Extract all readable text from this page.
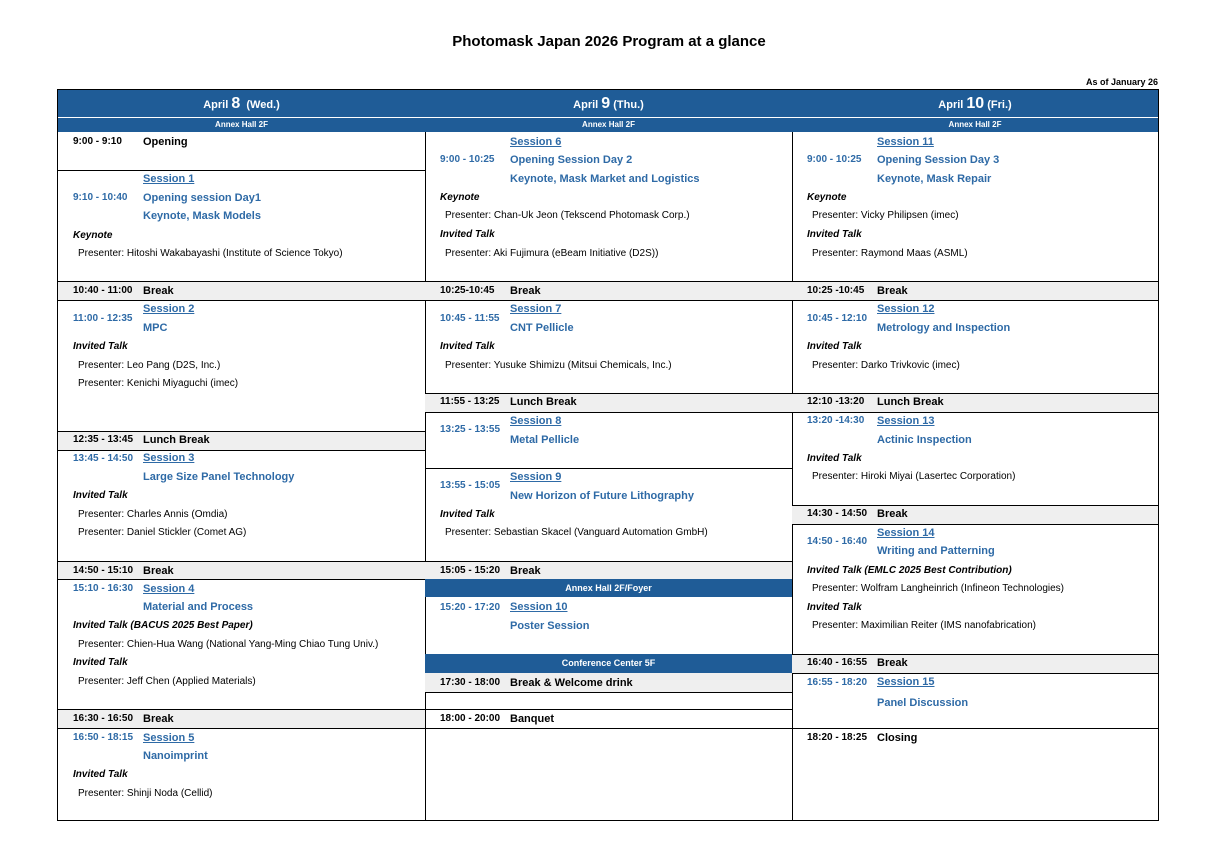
Photomask Japan 2026 Program at a glance
As of January 26
April 8 (Wed.)
Annex Hall 2F
9:00 - 9:10 Opening
Session 1
9:10 - 10:40 Opening session Day1
Keynote, Mask Models
Keynote
Presenter: Hitoshi Wakabayashi (Institute of Science Tokyo)
10:40 - 11:00 Break
Session 2
11:00 - 12:35
MPC
Invited Talk
Presenter: Leo Pang (D2S, Inc.)
Presenter: Kenichi Miyaguchi (imec)
12:35 - 13:45 Lunch Break
13:45 - 14:50 Session 3
Large Size Panel Technology
Invited Talk
Presenter: Charles Annis (Omdia)
Presenter: Daniel Stickler (Comet AG)
14:50 - 15:10 Break
15:10 - 16:30 Session 4
Material and Process
Invited Talk (BACUS 2025 Best Paper)
Presenter: Chien-Hua Wang (National Yang-Ming Chiao Tung Univ.)
Invited Talk
Presenter: Jeff Chen (Applied Materials)
16:30 - 16:50 Break
16:50 - 18:15 Session 5
Nanoimprint
Invited Talk
Presenter: Shinji Noda (Cellid)
April 9 (Thu.)
Annex Hall 2F
Session 6
9:00 - 10:25 Opening Session Day 2
Keynote, Mask Market and Logistics
Keynote
Presenter: Chan-Uk Jeon (Tekscend Photomask Corp.)
Invited Talk
Presenter: Aki Fujimura (eBeam Initiative (D2S))
10:25-10:45 Break
Session 7
10:45 - 11:55
CNT Pellicle
Invited Talk
Presenter: Yusuke Shimizu (Mitsui Chemicals, Inc.)
11:55 - 13:25 Lunch Break
Session 8
13:25 - 13:55
Metal Pellicle
Session 9
13:55 - 15:05
New Horizon of Future Lithography
Invited Talk
Presenter: Sebastian Skacel (Vanguard Automation GmbH)
15:05 - 15:20 Break
Annex Hall 2F/Foyer
15:20 - 17:20 Session 10
Poster Session
Conference Center 5F
17:30 - 18:00 Break & Welcome drink
18:00 - 20:00 Banquet
April 10 (Fri.)
Annex Hall 2F
Session 11
9:00 - 10:25 Opening Session Day 3
Keynote, Mask Repair
Keynote
Presenter: Vicky Philipsen (imec)
Invited Talk
Presenter: Raymond Maas (ASML)
10:25 -10:45 Break
Session 12
10:45 - 12:10
Metrology and Inspection
Invited Talk
Presenter: Darko Trivkovic (imec)
12:10 -13:20 Lunch Break
13:20 -14:30 Session 13
Actinic Inspection
Invited Talk
Presenter: Hiroki Miyai (Lasertec Corporation)
14:30 - 14:50 Break
Session 14
14:50 - 16:40
Writing and Patterning
Invited Talk (EMLC 2025 Best Contribution)
Presenter: Wolfram Langheinrich (Infineon Technologies)
Invited Talk
Presenter: Maximilian Reiter (IMS nanofabrication)
16:40 - 16:55 Break
16:55 - 18:20 Session 15
Panel Discussion
18:20 - 18:25 Closing
